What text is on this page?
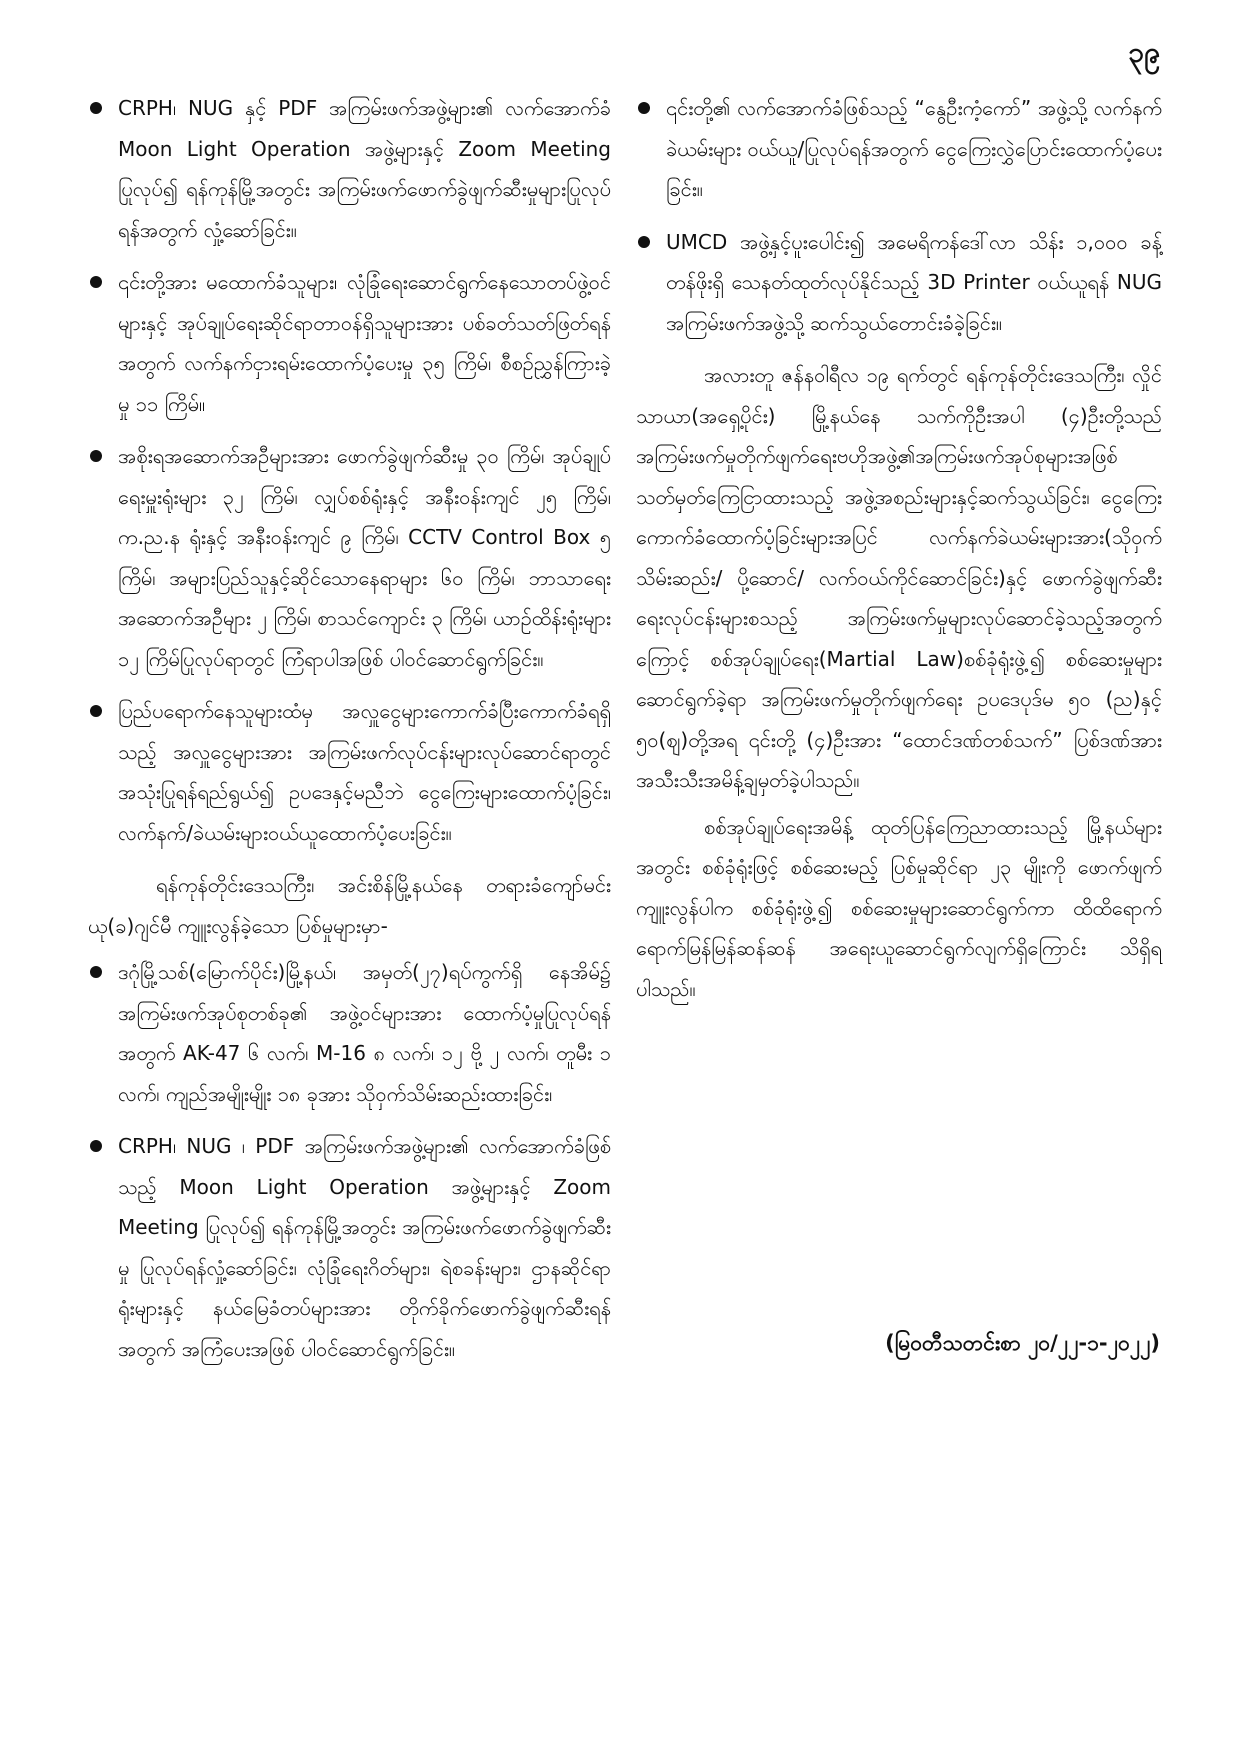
၃၉
CRPH၊ NUG နှင့် PDF အကြမ်းဖက်အဖွဲ့များ၏ လက်အောက်ခံ Moon Light Operation အဖွဲ့များနှင့် Zoom Meeting ပြုလုပ်၍ ရန်ကုန်မြို့အတွင်း အကြမ်းဖက်ဖောက်ခွဲဖျက်ဆီးမှုများပြုလုပ်ရန်အတွက် လှုံ့ဆော်ခြင်း။
၎င်းတို့အား မထောက်ခံသူများ၊ လုံခြုံရေးဆောင်ရွက်နေသောတပ်ဖွဲ့ဝင်များနှင့် အုပ်ချုပ်ရေးဆိုင်ရာတာဝန်ရှိသူများအား ပစ်ခတ်သတ်ဖြတ်ရန်အတွက် လက်နက်ငှားရမ်းထောက်ပံ့ပေးမှု ၃၅ ကြိမ်၊ စီစဉ်ညွှန်ကြားခဲ့မှု ၁၁ ကြိမ်။
အစိုးရအဆောက်အဦများအား ဖောက်ခွဲဖျက်ဆီးမှု ၃၀ ကြိမ်၊ အုပ်ချုပ်ရေးမှူးရုံးများ ၃၂ ကြိမ်၊ လျှပ်စစ်ရုံးနှင့် အနီးဝန်းကျင် ၂၅ ကြိမ်၊ က.ည.န ရုံးနှင့် အနီးဝန်းကျင် ၉ ကြိမ်၊ CCTV Control Box ၅ ကြိမ်၊ အများပြည်သူနှင့်ဆိုင်သောနေရာများ ၆၀ ကြိမ်၊ ဘာသာရေးအဆောက်အဦများ ၂ ကြိမ်၊ စာသင်ကျောင်း ၃ ကြိမ်၊ ယာဉ်ထိန်းရုံးများ ၁၂ ကြိမ်ပြုလုပ်ရာတွင် ကြံရာပါအဖြစ် ပါဝင်ဆောင်ရွက်ခြင်း။
ပြည်ပရောက်နေသူများထံမှ အလှူငွေများကောက်ခံပြီးကောက်ခံရရှိသည့် အလှူငွေများအား အကြမ်းဖက်လုပ်ငန်းများလုပ်ဆောင်ရာတွင် အသုံးပြုရန်ရည်ရွယ်၍ ဥပဒေနှင့်မညီဘဲ ငွေကြေးများထောက်ပံ့ခြင်း၊ လက်နက်/ခဲယမ်းများဝယ်ယူထောက်ပံ့ပေးခြင်း။

ရန်ကုန်တိုင်းဒေသကြီး၊ အင်းစိန်မြို့နယ်နေ တရားခံကျော်မင်းယု(ခ)ဂျင်မီ ကျူးလွန်ခဲ့သော ပြစ်မှုများမှာ-

ဒဂုံမြို့သစ်(မြောက်ပိုင်း)မြို့နယ်၊ အမှတ်(၂၇)ရပ်ကွက်ရှိ နေအိမ်၌ အကြမ်းဖက်အုပ်စုတစ်ခု၏ အဖွဲ့ဝင်များအား ထောက်ပံ့မှုပြုလုပ်ရန်အတွက် AK-47 ၆ လက်၊ M-16 ၈ လက်၊ ၁၂ ဗို့ ၂ လက်၊ တူမီး ၁ လက်၊ ကျည်အမျိုးမျိုး ၁၈ ခုအား သိုဝှက်သိမ်းဆည်းထားခြင်း၊
CRPH၊ NUG ၊ PDF အကြမ်းဖက်အဖွဲ့များ၏ လက်အောက်ခံဖြစ်သည့် Moon Light Operation အဖွဲ့များနှင့် Zoom Meeting ပြုလုပ်၍ ရန်ကုန်မြို့အတွင်း အကြမ်းဖက်ဖောက်ခွဲဖျက်ဆီးမှု ပြုလုပ်ရန်လှုံ့ဆော်ခြင်း၊ လုံခြုံရေးဂိတ်များ၊ ရဲစခန်းများ၊ ဌာနဆိုင်ရာရုံးများနှင့် နယ်မြေခံတပ်များအား တိုက်ခိုက်ဖောက်ခွဲဖျက်ဆီးရန်အတွက် အကြံပေးအဖြစ် ပါဝင်ဆောင်ရွက်ခြင်း။
၎င်းတို့၏ လက်အောက်ခံဖြစ်သည့် “နွေဦးကံ့ကော်” အဖွဲ့သို့ လက်နက်ခဲယမ်းများ ဝယ်ယူ/ပြုလုပ်ရန်အတွက် ငွေကြေးလွှဲပြောင်းထောက်ပံ့ပေးခြင်း။
UMCD အဖွဲ့နှင့်ပူးပေါင်း၍ အမေရိကန်ဒေါ်လာ သိန်း ၁,၀၀၀ ခန့်တန်ဖိုးရှိ သေနတ်ထုတ်လုပ်နိုင်သည့် 3D Printer ဝယ်ယူရန် NUG အကြမ်းဖက်အဖွဲ့သို့ ဆက်သွယ်တောင်းခံခဲ့ခြင်း။

အလားတူ ဇန်နဝါရီလ ၁၉ ရက်တွင် ရန်ကုန်တိုင်းဒေသကြီး၊ လှိုင်သာယာ(အရှေ့ပိုင်း) မြို့နယ်နေ သက်ကိုဦးအပါ (၄)ဦးတို့သည် အကြမ်းဖက်မှုတိုက်ဖျက်ရေးဗဟိုအဖွဲ့၏အကြမ်းဖက်အုပ်စုများအဖြစ် သတ်မှတ်ကြေငြာထားသည့် အဖွဲ့အစည်းများနှင့်ဆက်သွယ်ခြင်း၊ ငွေကြေးကောက်ခံထောက်ပံ့ခြင်းများအပြင် လက်နက်ခဲယမ်းများအား(သိုဝှက်သိမ်းဆည်း/ ပို့ဆောင်/ လက်ဝယ်ကိုင်ဆောင်ခြင်း)နှင့် ဖောက်ခွဲဖျက်ဆီးရေးလုပ်ငန်းများစသည့် အကြမ်းဖက်မှုများလုပ်ဆောင်ခဲ့သည့်အတွက်ကြောင့် စစ်အုပ်ချုပ်ရေး(Martial Law)စစ်ခုံရုံးဖွဲ့၍ စစ်ဆေးမှုများဆောင်ရွက်ခဲ့ရာ အကြမ်းဖက်မှုတိုက်ဖျက်ရေး ဥပဒေပုဒ်မ ၅၀ (ည)နှင့် ၅၀(ဈ)တို့အရ ၎င်းတို့ (၄)ဦးအား “ထောင်ဒဏ်တစ်သက်” ပြစ်ဒဏ်အား အသီးသီးအမိန့်ချမှတ်ခဲ့ပါသည်။

စစ်အုပ်ချုပ်ရေးအမိန့် ထုတ်ပြန်ကြေညာထားသည့် မြို့နယ်များအတွင်း စစ်ခုံရုံးဖြင့် စစ်ဆေးမည့် ပြစ်မှုဆိုင်ရာ ၂၃ မျိုးကို ဖောက်ဖျက်ကျူးလွန်ပါက စစ်ခုံရုံးဖွဲ့၍ စစ်ဆေးမှုများဆောင်ရွက်ကာ ထိထိရောက်ရောက်မြန်မြန်ဆန်ဆန် အရေးယူဆောင်ရွက်လျက်ရှိကြောင်း သိရှိရပါသည်။

(မြဝတီသတင်းစာ ၂၀/၂၂-၁-၂၀၂၂)
